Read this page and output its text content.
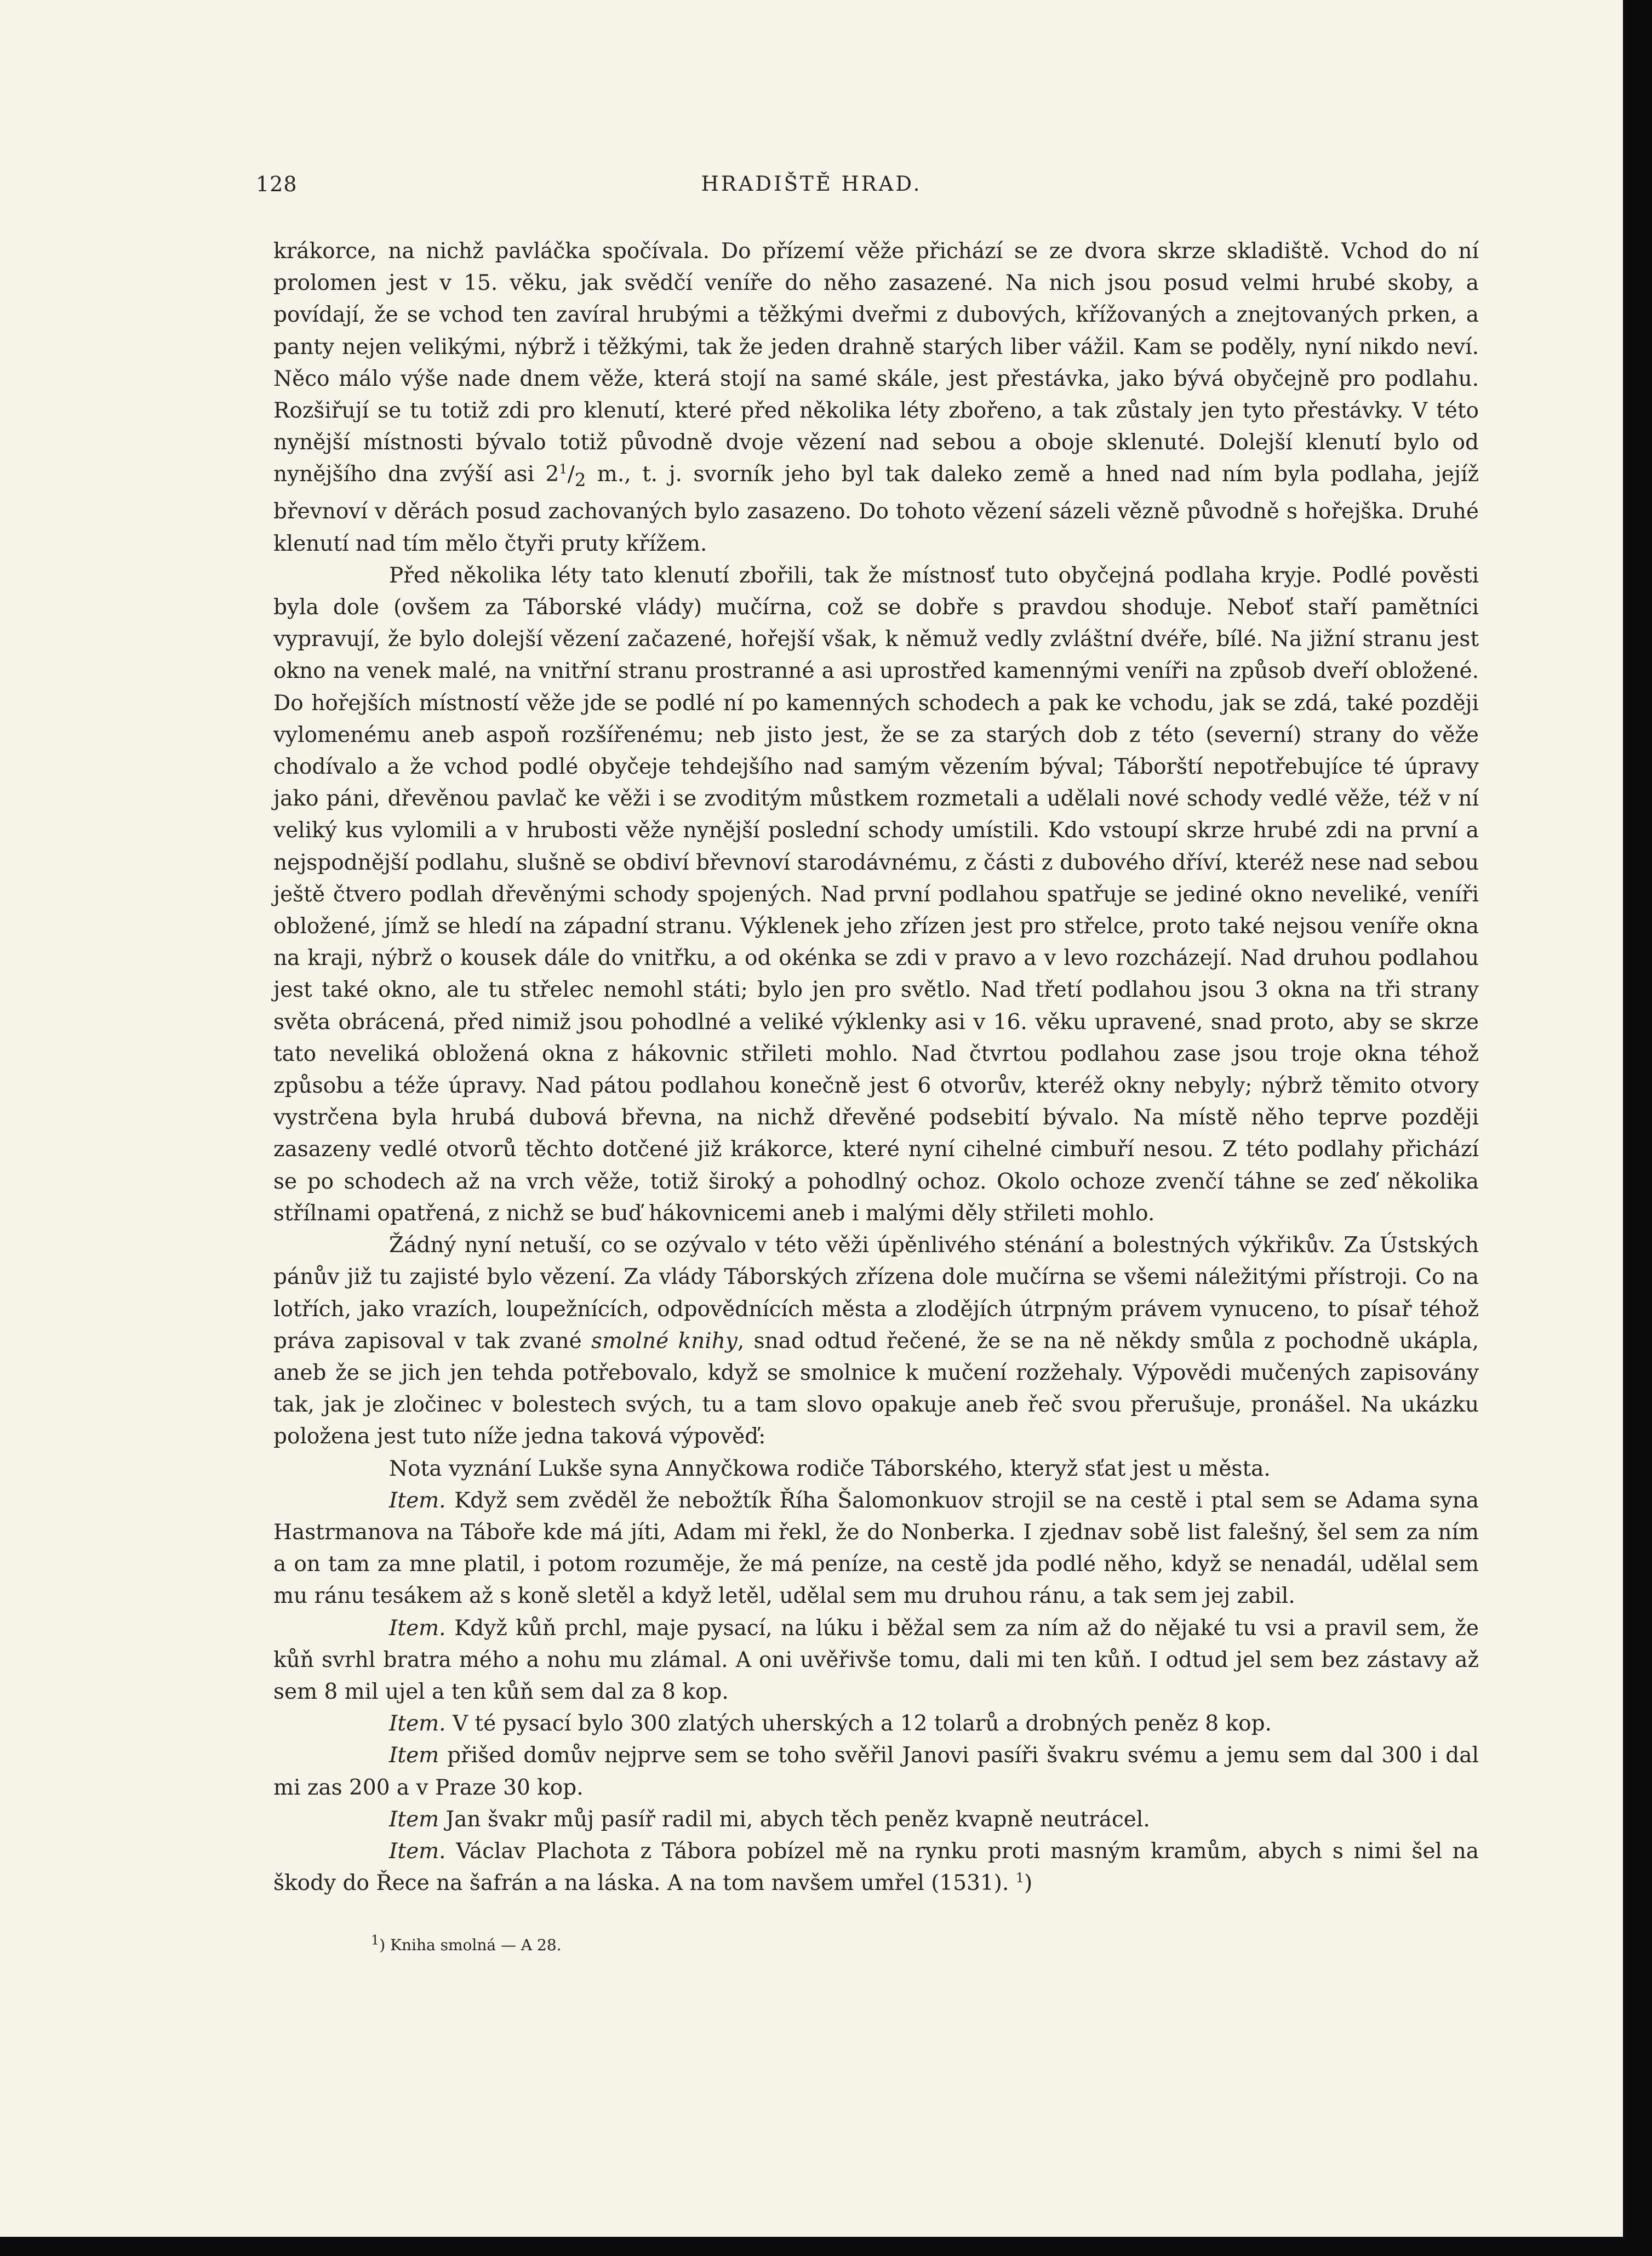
128	HRADIŠTĚ HRAD.

krákorce, na nichž pavláčka spočívala. Do přízemí věže přichází se ze dvora skrze skladiště. Vchod do ní prolomen jest v 15. věku, jak svědčí veníře do něho zasazené. Na nich jsou posud velmi hrubé skoby, a povídají, že se vchod ten zavíral hrubými a těžkými dveřmi z dubových, křížovaných a znejtovaných prken, a panty nejen velikými, nýbrž i těžkými, tak že jeden drahně starých liber vážil. Kam se poděly, nyní nikdo neví. Něco málo výše nade dnem věže, která stojí na samé skále, jest přestávka, jako bývá obyčejně pro podlahu. Rozšiřují se tu totiž zdi pro klenutí, které před několika léty zbořeno, a tak zůstaly jen tyto přestávky. V této nynější místnosti bývalo totiž původně dvoje vězení nad sebou a oboje sklenuté. Dolejší klenutí bylo od nynějšího dna zvýší asi $2^1/_2$ m., t. j. svorník jeho byl tak daleko země a hned nad ním byla podlaha, jejíž břevnoví v děrách posud zachovaných bylo zasazeno. Do tohoto vězení sázeli vězně původně s hořejška. Druhé klenutí nad tím mělo čtyři pruty křížem.

Před několika léty tato klenutí zbořili, tak že místnosť tuto obyčejná podlaha kryje. Podlé pověsti byla dole (ovšem za Táborské vlády) mučírna, což se dobře s pravdou shoduje. Neboť staří pamětníci vypravují, že bylo dolejší vězení začazené, hořejší však, k němuž vedly zvláštní dvéře, bílé. Na jižní stranu jest okno na venek malé, na vnitřní stranu prostranné a asi uprostřed kamennými veníři na způsob dveří obložené. Do hořejších místností věže jde se podlé ní po kamenných schodech a pak ke vchodu, jak se zdá, také později vylomenému aneb aspoň rozšířenému; neb jisto jest, že se za starých dob z této (severní) strany do věže chodívalo a že vchod podlé obyčeje tehdejšího nad samým vězením býval; Táborští nepotřebujíce té úpravy jako páni, dřevěnou pavlač ke věži i se zvoditým můstkem rozmetali a udělali nové schody vedlé věže, též v ní veliký kus vylomili a v hrubosti věže nynější poslední schody umístili. Kdo vstoupí skrze hrubé zdi na první a nejspodnější podlahu, slušně se obdiví břevnoví starodávnému, z části z dubového dříví, kteréž nese nad sebou ještě čtvero podlah dřevěnými schody spojených. Nad první podlahou spatřuje se jediné okno neveliké, veníři obložené, jímž se hledí na západní stranu. Výklenek jeho zřízen jest pro střelce, proto také nejsou veníře okna na kraji, nýbrž o kousek dále do vnitřku, a od okénka se zdi v pravo a v levo rozcházejí. Nad druhou podlahou jest také okno, ale tu střelec nemohl státi; bylo jen pro světlo. Nad třetí podlahou jsou 3 okna na tři strany světa obrácená, před nimiž jsou pohodlné a veliké výklenky asi v 16. věku upravené, snad proto, aby se skrze tato neveliká obložená okna z hákovnic střileti mohlo. Nad čtvrtou podlahou zase jsou troje okna téhož způsobu a téže úpravy. Nad pátou podlahou konečně jest 6 otvorův, kteréž okny nebyly; nýbrž těmito otvory vystrčena byla hrubá dubová břevna, na nichž dřevěné podsebití bývalo. Na místě něho teprve později zasazeny vedlé otvorů těchto dotčené již krákorce, které nyní cihelné cimbuří nesou. Z této podlahy přichází se po schodech až na vrch věže, totiž široký a pohodlný ochoz. Okolo ochoze zvenčí táhne se zeď několika střílnami opatřená, z nichž se buď hákovnicemi aneb i malými děly střileti mohlo.

Žádný nyní netuší, co se ozývalo v této věži úpěnlivého sténání a bolestných výkřikův. Za Ústských pánův již tu zajisté bylo vězení. Za vlády Táborských zřízena dole mučírna se všemi náležitými přístroji. Co na lotřích, jako vrazích, loupežnících, odpovědnících města a zlodějích útrpným právem vynuceno, to písař téhož práva zapisoval v tak zvané smolné knihy, snad odtud řečené, že se na ně někdy smůla z pochodně ukápla, aneb že se jich jen tehda potřebovalo, když se smolnice k mučení rozžehaly. Výpovědi mučených zapisovány tak, jak je zločinec v bolestech svých, tu a tam slovo opakuje aneb řeč svou přerušuje, pronášel. Na ukázku položena jest tuto níže jedna taková výpověď:

Nota vyznání Lukše syna Annyčkowa rodiče Táborského, kteryž sťat jest u města.

Item. Když sem zvěděl že nebožtík Říha Šalomonkuov strojil se na cestě i ptal sem se Adama syna Hastrmanova na Táboře kde má jíti, Adam mi řekl, že do Nonberka. I zjednav sobě list falešný, šel sem za ním a on tam za mne platil, i potom rozuměje, že má peníze, na cestě jda podlé něho, když se nenadál, udělal sem mu ránu tesákem až s koně sletěl a když letěl, udělal sem mu druhou ránu, a tak sem jej zabil.

Item. Když kůň prchl, maje pysací, na lúku i běžal sem za ním až do nějaké tu vsi a pravil sem, že kůň svrhl bratra mého a nohu mu zlámal. A oni uvěřivše tomu, dali mi ten kůň. I odtud jel sem bez zástavy až sem 8 mil ujel a ten kůň sem dal za 8 kop.

Item. V té pysací bylo 300 zlatých uherských a 12 tolarů a drobných peněz 8 kop.

Item přišed domův nejprve sem se toho svěřil Janovi pasíři švakru svému a jemu sem dal 300 i dal mi zas 200 a v Praze 30 kop.

Item Jan švakr můj pasíř radil mi, abych těch peněz kvapně neutrácel.

Item. Václav Plachota z Tábora pobízel mě na rynku proti masným kramům, abych s nimi šel na škody do Řece na šafrán a na láska. A na tom navšem umřel (1531). $^1$)

$^1$) Kniha smolná — A 28.
